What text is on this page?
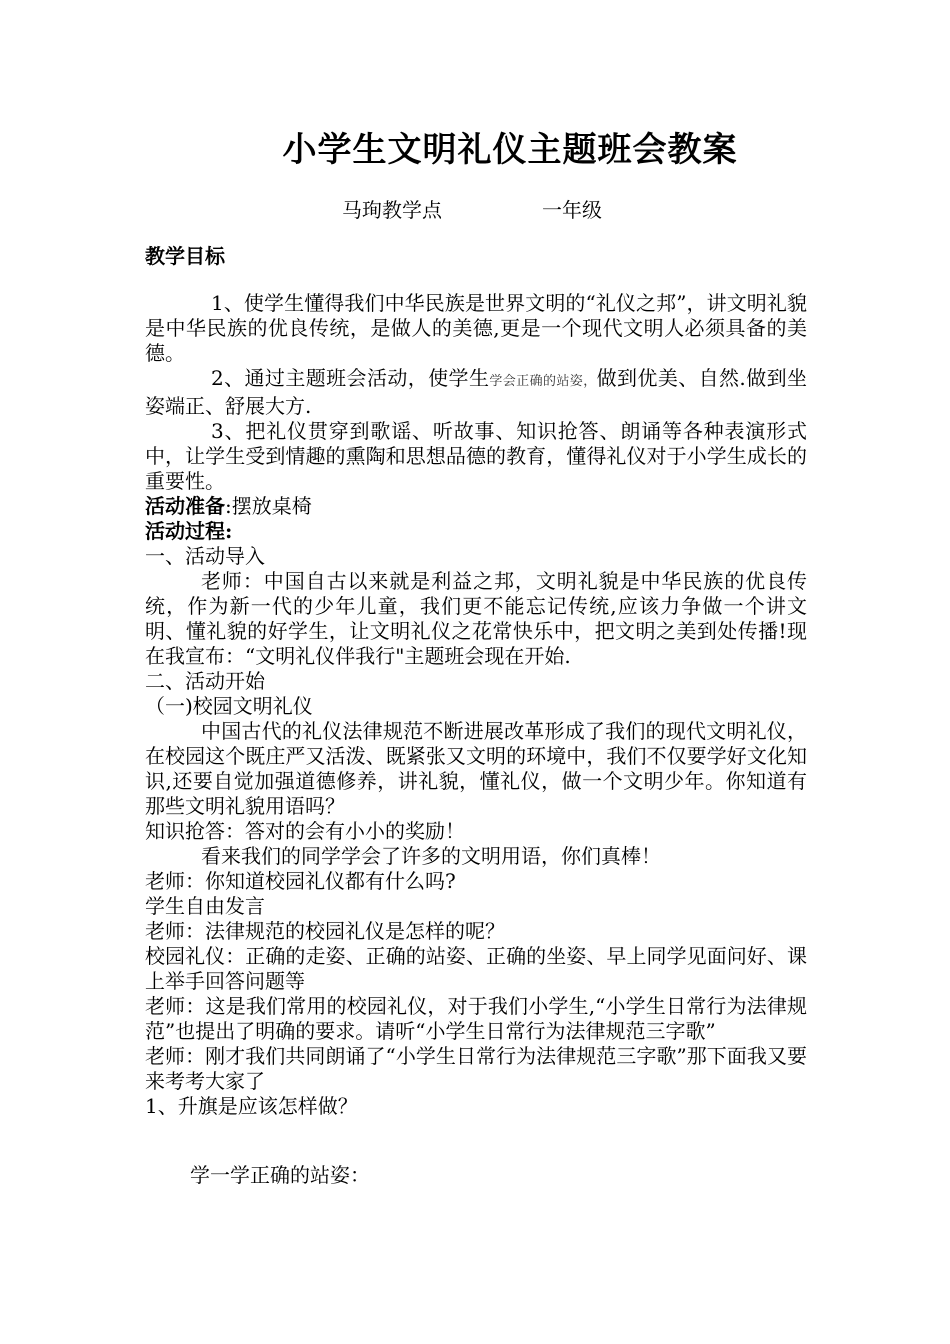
小学生文明礼仪主题班会教案
马珣教学点	一年级
教学目标

1、使学生懂得我们中华民族是世界文明的“礼仪之邦”，讲文明礼貌是中华民族的优良传统，是做人的美德,更是一个现代文明人必须具备的美德。

2、通过主题班会活动，使学生学会正确的站姿，做到优美、自然.做到坐姿端正、舒展大方.

3、把礼仪贯穿到歌谣、听故事、知识抢答、朗诵等各种表演形式中，让学生受到情趣的熏陶和思想品德的教育，懂得礼仪对于小学生成长的重要性。

活动准备:摆放桌椅

活动过程:

一、活动导入

老师：中国自古以来就是利益之邦，文明礼貌是中华民族的优良传统，作为新一代的少年儿童，我们更不能忘记传统,应该力争做一个讲文明、懂礼貌的好学生，让文明礼仪之花常快乐中，把文明之美到处传播!现在我宣布：“文明礼仪伴我行"主题班会现在开始.

二、活动开始

（一)校园文明礼仪

中国古代的礼仪法律规范不断进展改革形成了我们的现代文明礼仪，在校园这个既庄严又活泼、既紧张又文明的环境中，我们不仅要学好文化知识,还要自觉加强道德修养，讲礼貌，懂礼仪，做一个文明少年。你知道有那些文明礼貌用语吗？

知识抢答：答对的会有小小的奖励！

看来我们的同学学会了许多的文明用语，你们真棒！

老师：你知道校园礼仪都有什么吗?

学生自由发言

老师：法律规范的校园礼仪是怎样的呢？

校园礼仪：正确的走姿、正确的站姿、正确的坐姿、早上同学见面问好、课上举手回答问题等

老师：这是我们常用的校园礼仪，对于我们小学生,“小学生日常行为法律规范”也提出了明确的要求。请听“小学生日常行为法律规范三字歌”

老师：刚才我们共同朗诵了“小学生日常行为法律规范三字歌”那下面我又要来考考大家了

1、升旗是应该怎样做？

学一学正确的站姿：
